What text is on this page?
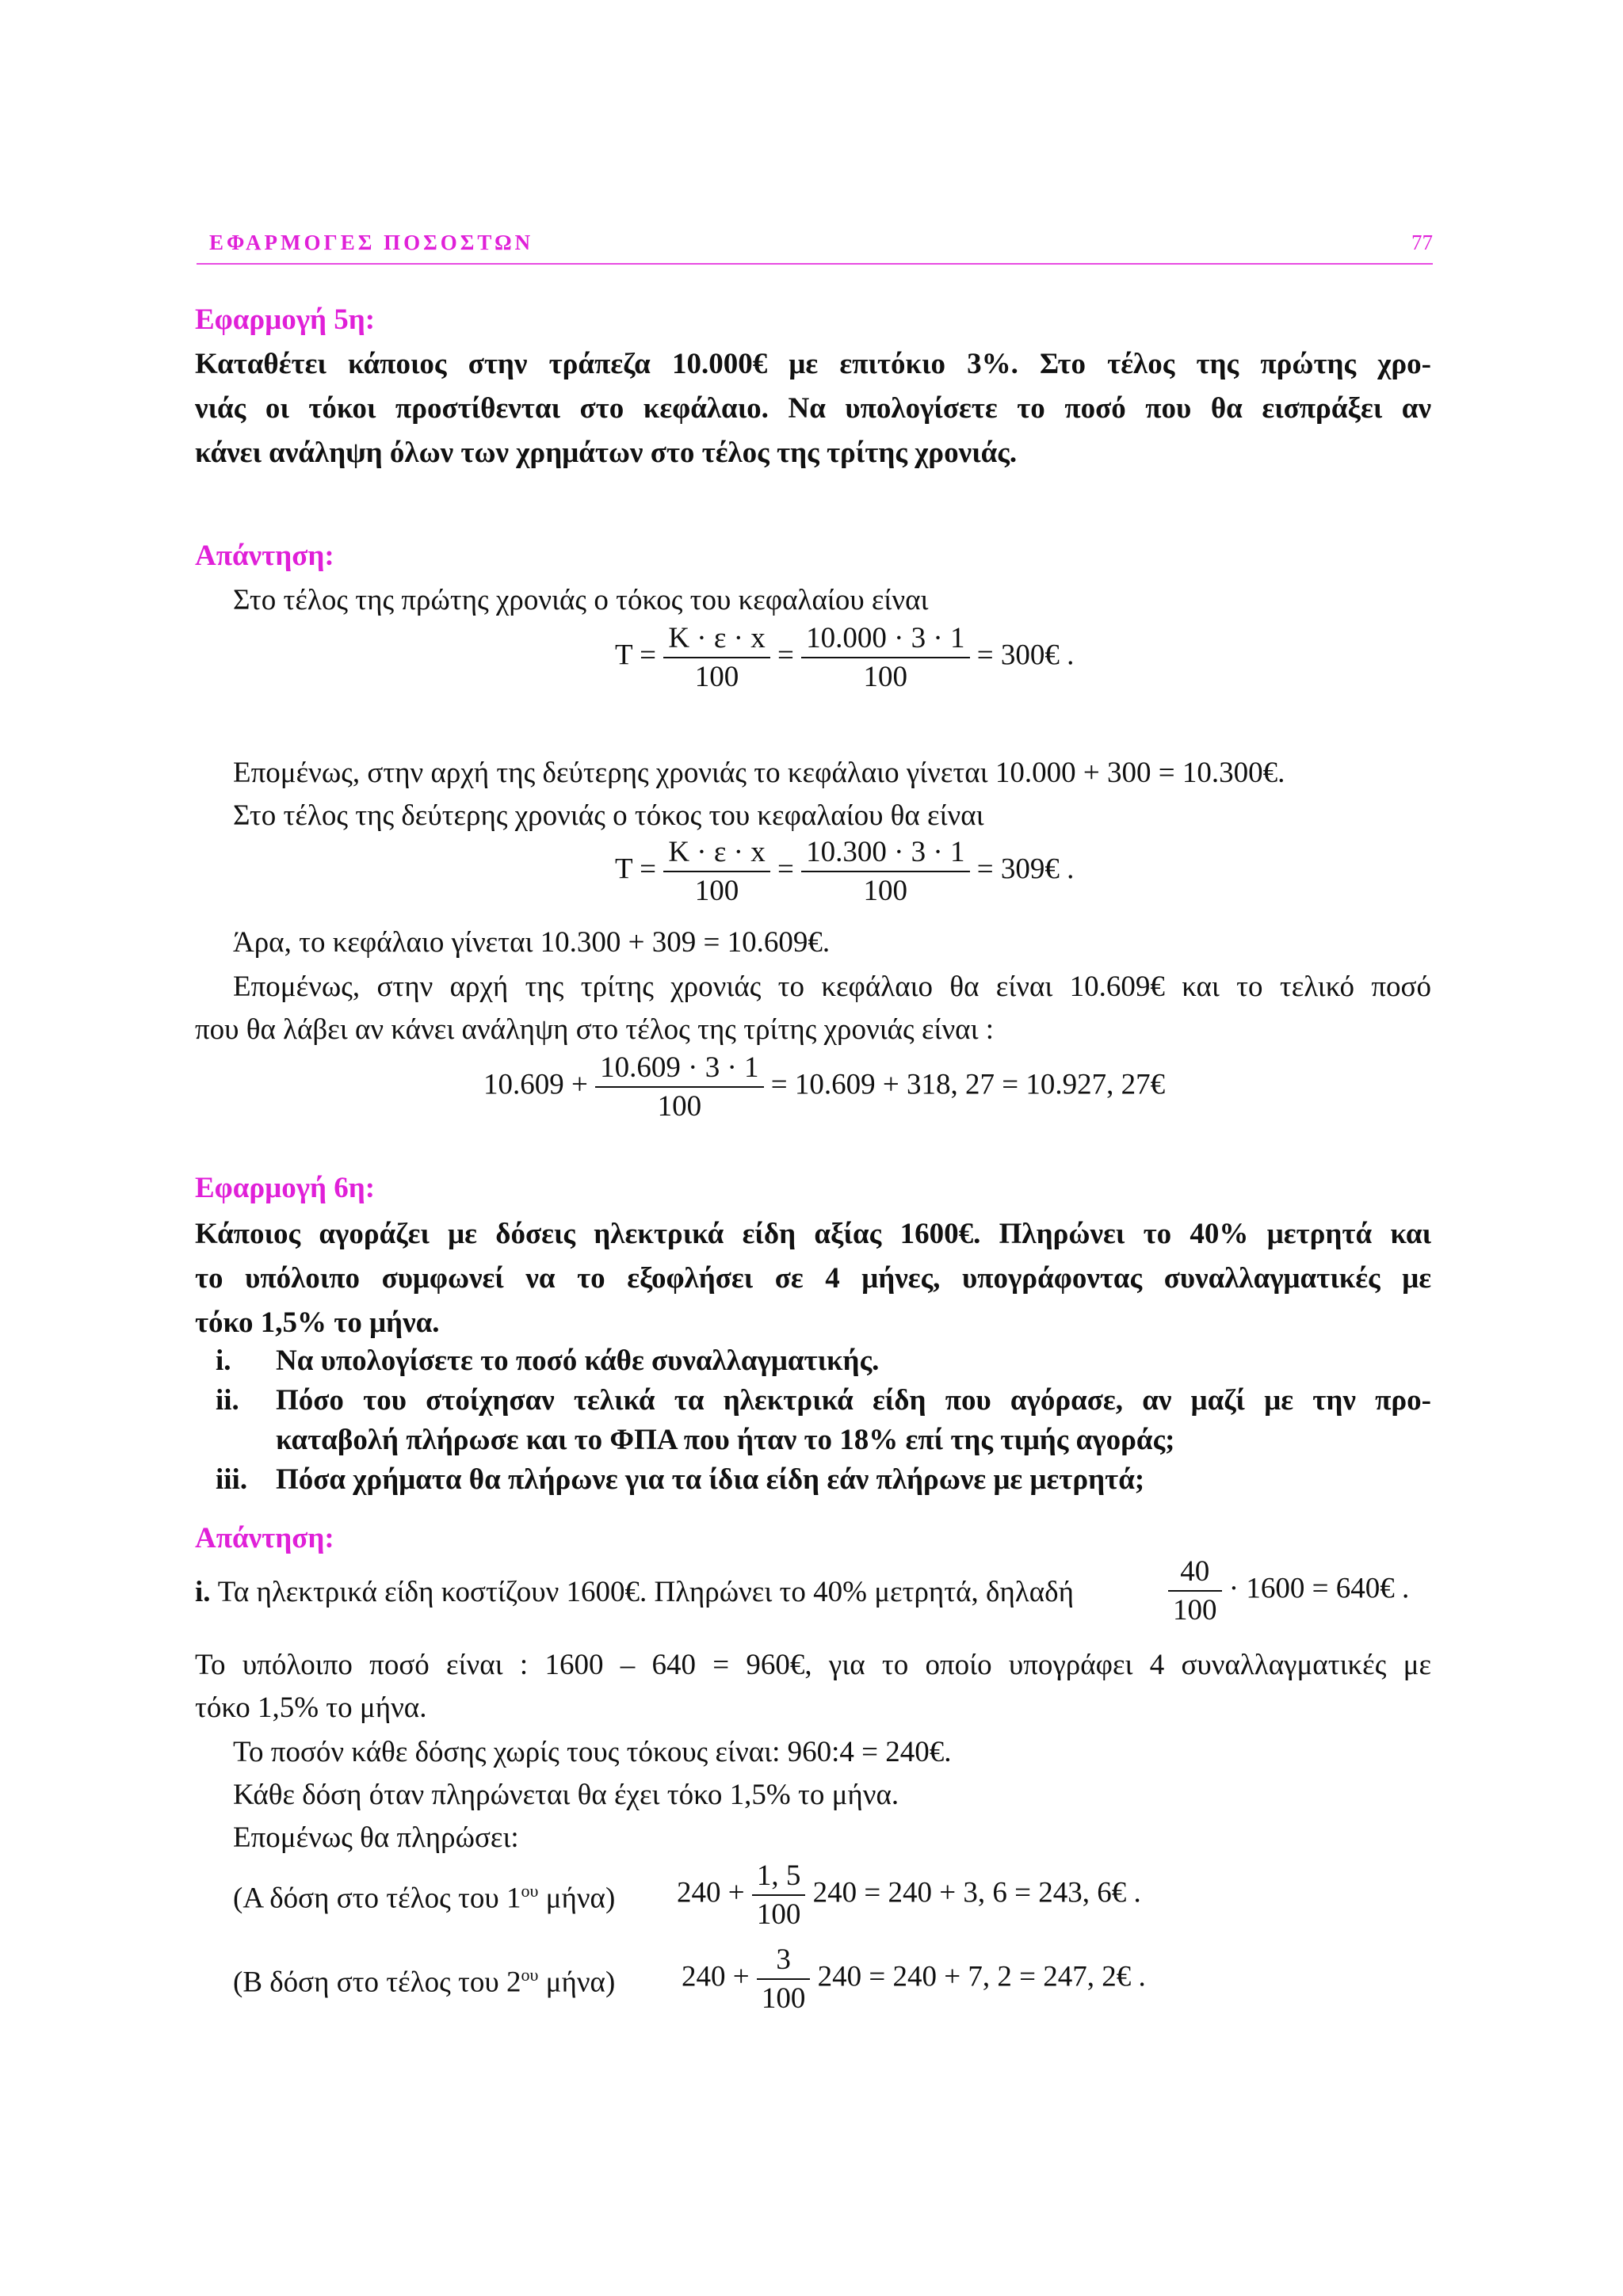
ΕΦΑΡΜΟΓΕΣ ΠΟΣΟΣΤΩΝ	77
Εφαρμογή 5η:
Καταθέτει κάποιος στην τράπεζα 10.000€ με επιτόκιο 3%. Στο τέλος της πρώτης χρο-
νιάς οι τόκοι προστίθενται στο κεφάλαιο. Να υπολογίσετε το ποσό που θα εισπράξει αν
κάνει ανάληψη όλων των χρημάτων στο τέλος της τρίτης χρονιάς.
Απάντηση:
Στο τέλος της πρώτης χρονιάς ο τόκος του κεφαλαίου είναι
$T = \frac{K \cdot \varepsilon \cdot x}{100} = \frac{10.000 \cdot 3 \cdot 1}{100}$ = 300€ .
Επομένως, στην αρχή της δεύτερης χρονιάς το κεφάλαιο γίνεται 10.000 + 300 = 10.300€.
Στο τέλος της δεύτερης χρονιάς ο τόκος του κεφαλαίου θα είναι
$T = \frac{K \cdot \varepsilon \cdot x}{100} = \frac{10.300 \cdot 3 \cdot 1}{100}$ = 309€ .
Άρα, το κεφάλαιο γίνεται 10.300 + 309 = 10.609€.
Επομένως, στην αρχή της τρίτης χρονιάς το κεφάλαιο θα είναι 10.609€ και το τελικό ποσό
που θα λάβει αν κάνει ανάληψη στο τέλος της τρίτης χρονιάς είναι :
$10.609 + \frac{10.609 \cdot 3 \cdot 1}{100} = 10.609 + 318$, 27 = 10.927, 27€
Εφαρμογή 6η:
Κάποιος αγοράζει με δόσεις ηλεκτρικά είδη αξίας 1600€. Πληρώνει το 40% μετρητά και
το υπόλοιπο συμφωνεί να το εξοφλήσει σε 4 μήνες, υπογράφοντας συναλλαγματικές με
τόκο 1,5% το μήνα.
i. Να υπολογίσετε το ποσό κάθε συναλλαγματικής.
ii. Πόσο του στοίχησαν τελικά τα ηλεκτρικά είδη που αγόρασε, αν μαζί με την προ-
καταβολή πλήρωσε και το ΦΠΑ που ήταν το 18% επί της τιμής αγοράς;
iii. Πόσα χρήματα θα πλήρωνε για τα ίδια είδη εάν πλήρωνε με μετρητά;
Απάντηση:
i. Τα ηλεκτρικά είδη κοστίζουν 1600€. Πληρώνει το 40% μετρητά, δηλαδή	$\frac{40}{100} \cdot 1600$ = 640€ .
Το υπόλοιπο ποσό είναι : 1600 – 640 = 960€, για το οποίο υπογράφει 4 συναλλαγματικές με
τόκο 1,5% το μήνα.
Το ποσόν κάθε δόσης χωρίς τους τόκους είναι: 960:4 = 240€.
Κάθε δόση όταν πληρώνεται θα έχει τόκο 1,5% το μήνα.
Επομένως θα πληρώσει:
(Α δόση στο τέλος του $1^{o\upsilon}$ μήνα) $240 + \frac{1, 5}{100} 240 = 240 + 3$, 6 = 243, 6€ .
(Β δόση στο τέλος του $2^{o\upsilon}$ μήνα) $240 + \frac{3}{100} 240 = 240 + 7$, 2 = 247, 2€ .
